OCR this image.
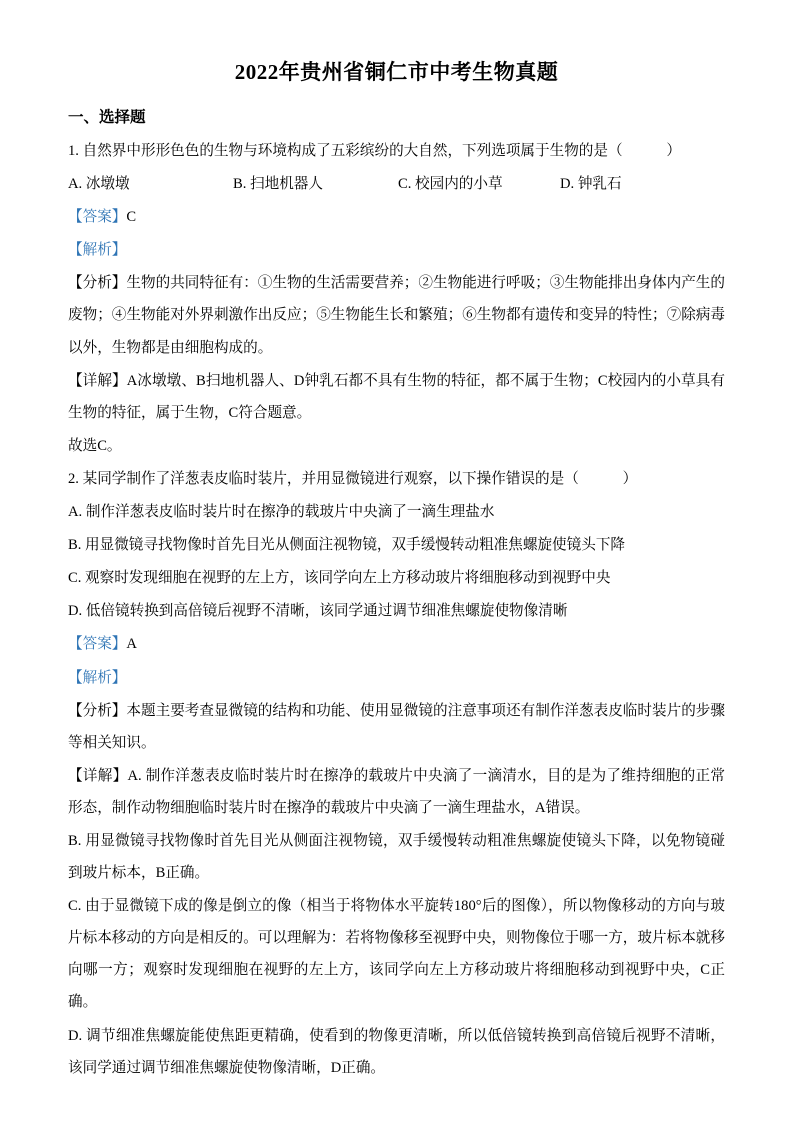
2022年贵州省铜仁市中考生物真题
一、选择题

1. 自然界中形形色色的生物与环境构成了五彩缤纷的大自然，下列选项属于生物的是（　　　）

A. 冰墩墩	B. 扫地机器人	C. 校园内的小草	D. 钟乳石

【答案】C

【解析】

【分析】生物的共同特征有：①生物的生活需要营养；②生物能进行呼吸；③生物能排出身体内产生的废物；④生物能对外界刺激作出反应；⑤生物能生长和繁殖；⑥生物都有遗传和变异的特性；⑦除病毒以外，生物都是由细胞构成的。

【详解】A冰墩墩、B扫地机器人、D钟乳石都不具有生物的特征，都不属于生物；C校园内的小草具有生物的特征，属于生物，C符合题意。

故选C。

2. 某同学制作了洋葱表皮临时装片，并用显微镜进行观察，以下操作错误的是（　　　）

A. 制作洋葱表皮临时装片时在擦净的载玻片中央滴了一滴生理盐水

B. 用显微镜寻找物像时首先目光从侧面注视物镜，双手缓慢转动粗准焦螺旋使镜头下降

C. 观察时发现细胞在视野的左上方，该同学向左上方移动玻片将细胞移动到视野中央

D. 低倍镜转换到高倍镜后视野不清晰，该同学通过调节细准焦螺旋使物像清晰

【答案】A

【解析】

【分析】本题主要考查显微镜的结构和功能、使用显微镜的注意事项还有制作洋葱表皮临时装片的步骤等相关知识。

【详解】A. 制作洋葱表皮临时装片时在擦净的载玻片中央滴了一滴清水，目的是为了维持细胞的正常形态，制作动物细胞临时装片时在擦净的载玻片中央滴了一滴生理盐水，A错误。

B. 用显微镜寻找物像时首先目光从侧面注视物镜，双手缓慢转动粗准焦螺旋使镜头下降，以免物镜碰到玻片标本，B正确。

C. 由于显微镜下成的像是倒立的像（相当于将物体水平旋转180°后的图像），所以物像移动的方向与玻片标本移动的方向是相反的。可以理解为：若将物像移至视野中央，则物像位于哪一方，玻片标本就移向哪一方；观察时发现细胞在视野的左上方，该同学向左上方移动玻片将细胞移动到视野中央，C正确。

D. 调节细准焦螺旋能使焦距更精确，使看到的物像更清晰，所以低倍镜转换到高倍镜后视野不清晰，该同学通过调节细准焦螺旋使物像清晰，D正确。
